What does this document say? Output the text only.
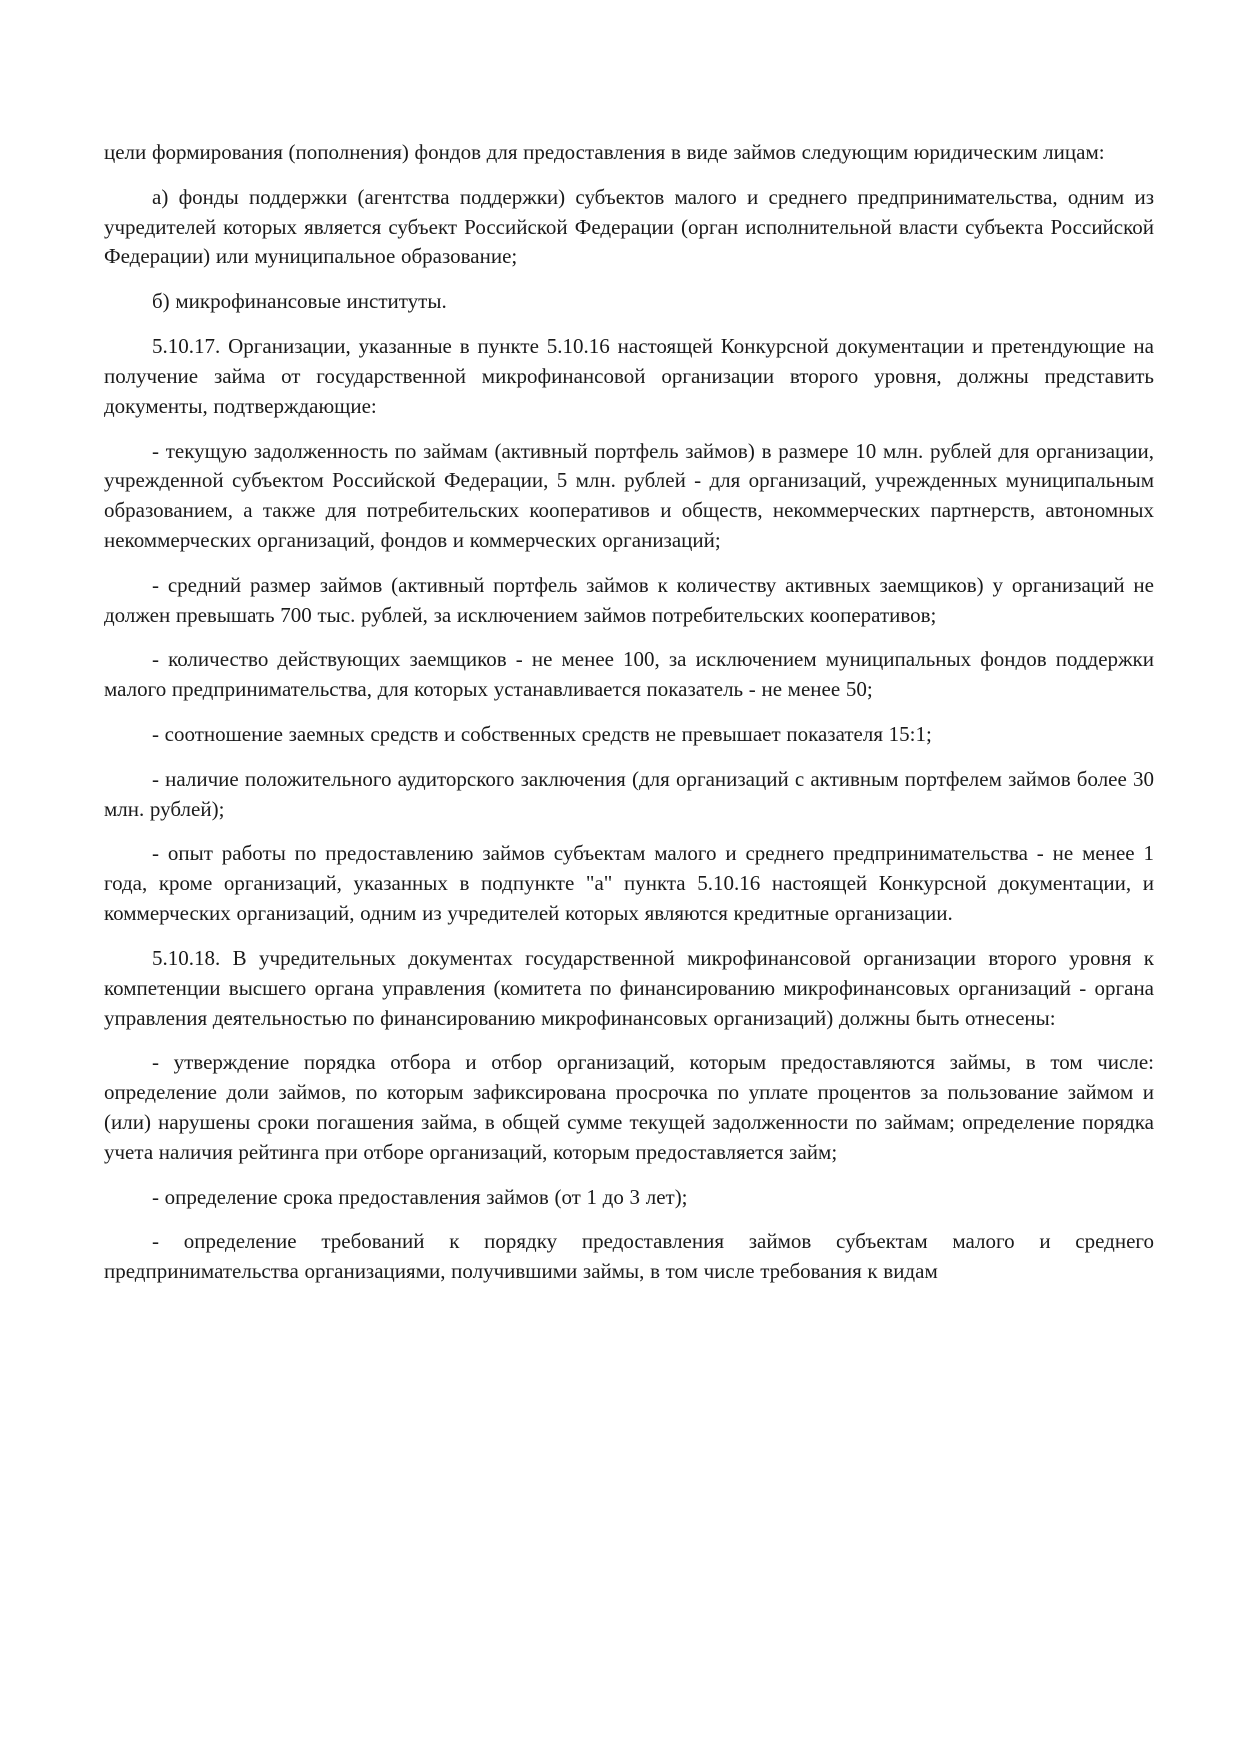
цели формирования (пополнения) фондов для предоставления в виде займов следующим юридическим лицам:

а) фонды поддержки (агентства поддержки) субъектов малого и среднего предпринимательства, одним из учредителей которых является субъект Российской Федерации (орган исполнительной власти субъекта Российской Федерации) или муниципальное образование;

б) микрофинансовые институты.

5.10.17. Организации, указанные в пункте 5.10.16 настоящей Конкурсной документации и претендующие на получение займа от государственной микрофинансовой организации второго уровня, должны представить документы, подтверждающие:

- текущую задолженность по займам (активный портфель займов) в размере 10 млн. рублей для организации, учрежденной субъектом Российской Федерации, 5 млн. рублей - для организаций, учрежденных муниципальным образованием, а также для потребительских кооперативов и обществ, некоммерческих партнерств, автономных некоммерческих организаций, фондов и коммерческих организаций;

- средний размер займов (активный портфель займов к количеству активных заемщиков) у организаций не должен превышать 700 тыс. рублей, за исключением займов потребительских кооперативов;

- количество действующих заемщиков - не менее 100, за исключением муниципальных фондов поддержки малого предпринимательства, для которых устанавливается показатель - не менее 50;

- соотношение заемных средств и собственных средств не превышает показателя 15:1;

- наличие положительного аудиторского заключения (для организаций с активным портфелем займов более 30 млн. рублей);

- опыт работы по предоставлению займов субъектам малого и среднего предпринимательства - не менее 1 года, кроме организаций, указанных в подпункте "а" пункта 5.10.16 настоящей Конкурсной документации, и коммерческих организаций, одним из учредителей которых являются кредитные организации.

5.10.18. В учредительных документах государственной микрофинансовой организации второго уровня к компетенции высшего органа управления (комитета по финансированию микрофинансовых организаций - органа управления деятельностью по финансированию микрофинансовых организаций) должны быть отнесены:

- утверждение порядка отбора и отбор организаций, которым предоставляются займы, в том числе: определение доли займов, по которым зафиксирована просрочка по уплате процентов за пользование займом и (или) нарушены сроки погашения займа, в общей сумме текущей задолженности по займам; определение порядка учета наличия рейтинга при отборе организаций, которым предоставляется займ;

- определение срока предоставления займов (от 1 до 3 лет);

- определение требований к порядку предоставления займов субъектам малого и среднего предпринимательства организациями, получившими займы, в том числе требования к видам
